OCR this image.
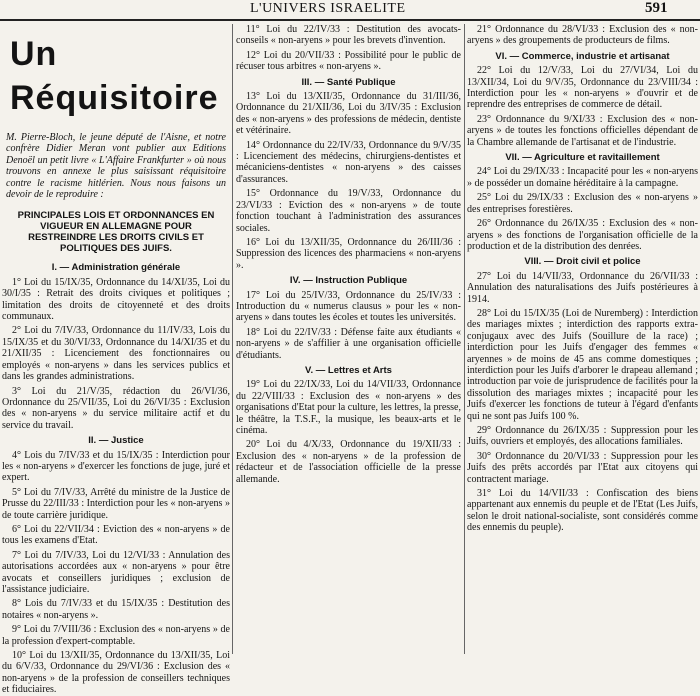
L'UNIVERS ISRAELITE	591
Un Réquisitoire

M. Pierre-Bloch, le jeune député de l'Aisne, et notre confrère Didier Meran vont publier aux Editions Denoël un petit livre « L'Affaire Frankfurter » où nous trouvons en annexe le plus saisissant réquisitoire contre le racisme hitlérien. Nous nous faisons un devoir de le reproduire :

PRINCIPALES LOIS ET ORDONNANCES EN VIGUEUR EN ALLEMAGNE POUR RESTREINDRE LES DROITS CIVILS ET POLITIQUES DES JUIFS.
I. — Administration générale

1° Loi du 15/IX/35, Ordonnance du 14/XI/35, Loi du 30/I/35 : Retrait des droits civiques et politiques ; limitation des droits de citoyenneté et des droits communaux.

2° Loi du 7/IV/33, Ordonnance du 11/IV/33, Lois du 15/IX/35 et du 30/VI/33, Ordonnance du 14/XI/35 et du 21/XII/35 : Licenciement des fonctionnaires ou employés « non-aryens » dans les services publics et dans les grandes administrations.

3° Loi du 21/V/35, rédaction du 26/VI/36, Ordonnance du 25/VII/35, Loi du 26/VI/35 : Exclusion des « non-aryens » du service militaire actif et du service du travail.

II. — Justice

4° Lois du 7/IV/33 et du 15/IX/35 : Interdiction pour les « non-aryens » d'exercer les fonctions de juge, juré et expert.

5° Loi du 7/IV/33, Arrêté du ministre de la Justice de Prusse du 22/III/33 : Interdiction pour les « non-aryens » de toute carrière juridique.

6° Loi du 22/VII/34 : Eviction des « non-aryens » de tous les examens d'Etat.

7° Loi du 7/IV/33, Loi du 12/VI/33 : Annulation des autorisations accordées aux « non-aryens » pour être avocats et conseillers juridiques ; exclusion de l'assistance judiciaire.

8° Lois du 7/IV/33 et du 15/IX/35 : Destitution des notaires « non-aryens ».

9° Loi du 7/VIII/36 : Exclusion des « non-aryens » de la profession d'expert-comptable.

10° Loi du 13/XII/35, Ordonnance du 13/XII/35, Loi du 6/V/33, Ordonnance du 29/VI/36 : Exclusion des « non-aryens » de la profession de conseillers techniques et fiduciaires.

11° Loi du 22/IV/33 : Destitution des avocats-conseils « non-aryens » pour les brevets d'invention.

12° Loi du 20/VII/33 : Possibilité pour le public de récuser tous arbitres « non-aryens ».

III. — Santé Publique

13° Loi du 13/XII/35, Ordonnance du 31/III/36, Ordonnance du 21/XII/36, Loi du 3/IV/35 : Exclusion des « non-aryens » des professions de médecin, dentiste et vétérinaire.

14° Ordonnance du 22/IV/33, Ordonnance du 9/V/35 : Licenciement des médecins, chirurgiens-dentistes et mécaniciens-dentistes « non-aryens » des caisses d'assurances.

15° Ordonnance du 19/V/33, Ordonnance du 23/VI/33 : Eviction des « non-aryens » de toute fonction touchant à l'administration des assurances sociales.

16° Loi du 13/XII/35, Ordonnance du 26/III/36 : Suppression des licences des pharmaciens « non-aryens ».

IV. — Instruction Publique

17° Loi du 25/IV/33, Ordonnance du 25/IV/33 : Introduction du « numerus clausus » pour les « non-aryens » dans toutes les écoles et toutes les universités.

18° Loi du 22/IV/33 : Défense faite aux étudiants « non-aryens » de s'affilier à une organisation officielle d'étudiants.

V. — Lettres et Arts

19° Loi du 22/IX/33, Loi du 14/VII/33, Ordonnance du 22/VIII/33 : Exclusion des « non-aryens » des organisations d'Etat pour la culture, les lettres, la presse, le théâtre, la T.S.F., la musique, les beaux-arts et le cinéma.

20° Loi du 4/X/33, Ordonnance du 19/XII/33 : Exclusion des « non-aryens » de la profession de rédacteur et de l'association officielle de la presse allemande.

21° Ordonnance du 28/VI/33 : Exclusion des « non-aryens » des groupements de producteurs de films.

VI. — Commerce, industrie et artisanat

22° Loi du 12/V/33, Loi du 27/VI/34, Loi du 13/XII/34, Loi du 9/V/35, Ordonnance du 23/VIII/34 : Interdiction pour les « non-aryens » d'ouvrir et de reprendre des entreprises de commerce de détail.

23° Ordonnance du 9/XI/33 : Exclusion des « non-aryens » de toutes les fonctions officielles dépendant de la Chambre allemande de l'artisanat et de l'industrie.

VII. — Agriculture et ravitaillement

24° Loi du 29/IX/33 : Incapacité pour les « non-aryens » de posséder un domaine héréditaire à la campagne.

25° Loi du 29/IX/33 : Exclusion des « non-aryens » des entreprises forestières.

26° Ordonnance du 26/IX/35 : Exclusion des « non-aryens » des fonctions de l'organisation officielle de la production et de la distribution des denrées.

VIII. — Droit civil et police

27° Loi du 14/VII/33, Ordonnance du 26/VII/33 : Annulation des naturalisations des Juifs postérieures à 1914.

28° Loi du 15/IX/35 (Loi de Nuremberg) : Interdiction des mariages mixtes ; interdiction des rapports extra-conjugaux avec des Juifs (Souillure de la race) ; interdiction pour les Juifs d'engager des femmes « aryennes » de moins de 45 ans comme domestiques ; interdiction pour les Juifs d'arborer le drapeau allemand ; introduction par voie de jurisprudence de facilités pour la dissolution des mariages mixtes ; incapacité pour les Juifs d'exercer les fonctions de tuteur à l'égard d'enfants qui ne sont pas Juifs 100 %.

29° Ordonnance du 26/IX/35 : Suppression pour les Juifs, ouvriers et employés, des allocations familiales.

30° Ordonnance du 20/VI/33 : Suppression pour les Juifs des prêts accordés par l'Etat aux citoyens qui contractent mariage.

31° Loi du 14/VII/33 : Confiscation des biens appartenant aux ennemis du peuple et de l'Etat (Les Juifs, selon le droit national-socialiste, sont considérés comme des ennemis du peuple).
